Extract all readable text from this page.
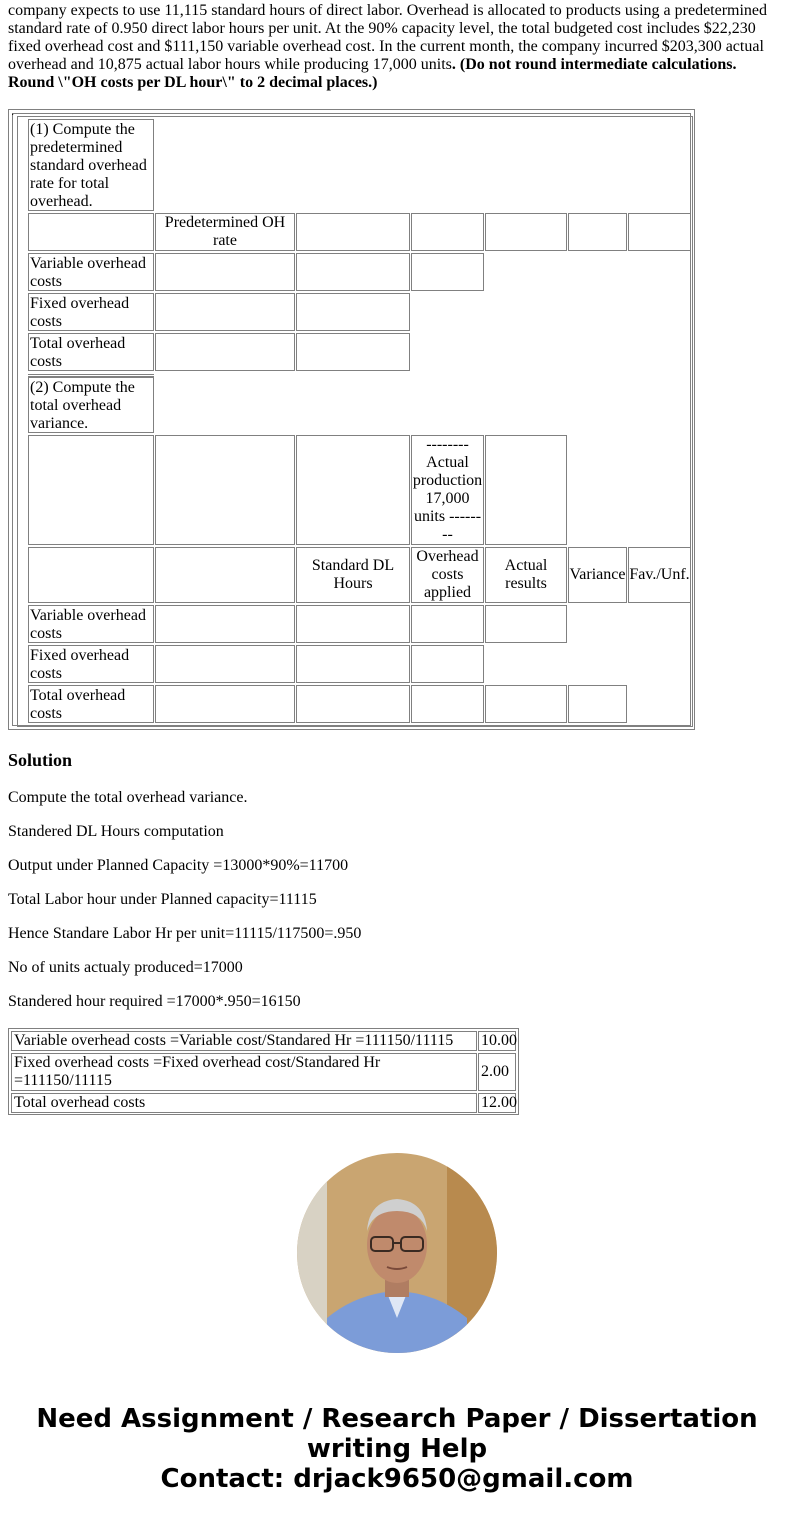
company expects to use 11,115 standard hours of direct labor. Overhead is allocated to products using a predetermined

standard rate of 0.950 direct labor hours per unit. At the 90% capacity level, the total budgeted cost includes $22,230

fixed overhead cost and $111,150 variable overhead cost. In the current month, the company incurred $203,300 actual

overhead and 10,875 actual labor hours while producing 17,000 units. (Do not round intermediate calculations. Round \"OH costs per DL hour\" to 2 decimal places.)

·
(1) Compute the predetermined standard overhead rate for total overhead.
Predetermined OH rate
Variable overhead costs
Fixed overhead costs
Total overhead costs
(2) Compute the total overhead variance.
-------- Actual production 17,000 units --------
Standard DL Hours
Overhead costs applied
Actual results
Variance Fav./Unf.
Variable overhead costs
Fixed overhead costs
Total overhead costs
Solution

Compute the total overhead variance.

Standered DL Hours computation

Output under Planned Capacity =13000*90%=11700

Total Labor hour under Planned capacity=11115

Hence Standare Labor Hr per unit=11115/117500=.950

No of units actualy produced=17000

Standered hour required =17000*.950=16150

Variable overhead costs =Variable cost/Standared Hr =111150/11115	10.00
Fixed overhead costs =Fixed overhead cost/Standared Hr =111150/11115
2.00
Total overhead costs	12.00
Need Assignment / Research Paper / Dissertation writing Help
Contact: drjack9650@gmail.com
